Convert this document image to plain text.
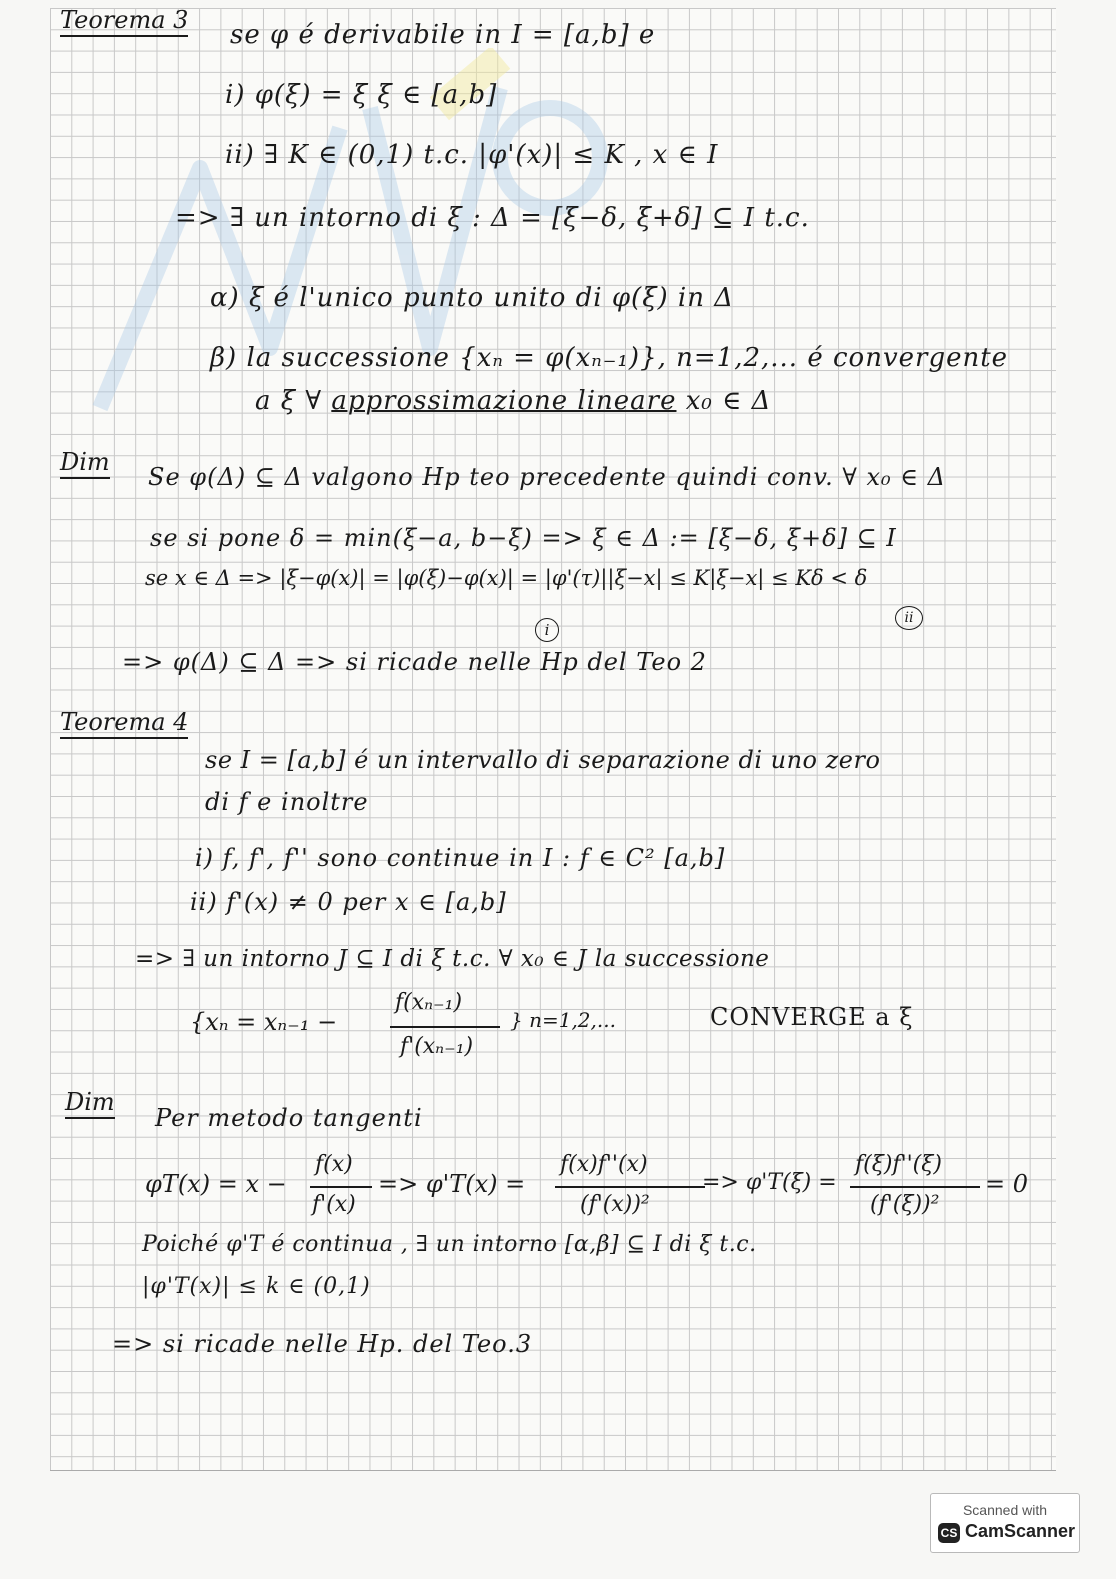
Teorema 3 se φ é derivabile in I = [a,b] e
i) φ(ξ) = ξ ξ ∈ [a,b]
ii) ∃ K ∈ (0,1) t.c. |φ'(x)| ≤ K , x ∈ I
=> ∃ un intorno di ξ : Δ = [ξ−δ, ξ+δ] ⊆ I t.c.
α) ξ é l'unico punto unito di φ(ξ) in Δ
β) la successione {xₙ = φ(xₙ₋₁)}, n=1,2,... é convergente
a ξ ∀ approssimazione lineare x₀ ∈ Δ
Dim
Se φ(Δ) ⊆ Δ valgono Hp teo precedente quindi conv. ∀ x₀ ∈ Δ
se si pone δ = min(ξ−a, b−ξ) => ξ ∈ Δ := [ξ−δ, ξ+δ] ⊆ I
se x ∈ Δ => |ξ−φ(x)| = |φ(ξ)−φ(x)| = |φ'(τ)||ξ−x| ≤ K|ξ−x| ≤ Kδ < δ
i
ii
=> φ(Δ) ⊆ Δ => si ricade nelle Hp del Teo 2
Teorema 4
se I = [a,b] é un intervallo di separazione di uno zero
di f e inoltre
i) f, f', f'' sono continue in I : f ∈ C² [a,b]
ii) f'(x) ≠ 0 per x ∈ [a,b]
=> ∃ un intorno J ⊆ I di ξ t.c. ∀ x₀ ∈ J la successione
{xₙ = xₙ₋₁ −
f(xₙ₋₁)
f'(xₙ₋₁)
} n=1,2,...	CONVERGE a ξ
Dim
Per metodo tangenti
φT(x) = x −
f(x)
f'(x)
=> φ'T(x) =
f(x)f''(x)
(f'(x))²
=> φ'T(ξ) =
f(ξ)f''(ξ)
(f'(ξ))²
= 0
Poiché φ'T é continua , ∃ un intorno [α,β] ⊆ I di ξ t.c.
|φ'T(x)| ≤ k ∈ (0,1)
=> si ricade nelle Hp. del Teo.3
Scanned with
CS CamScanner
